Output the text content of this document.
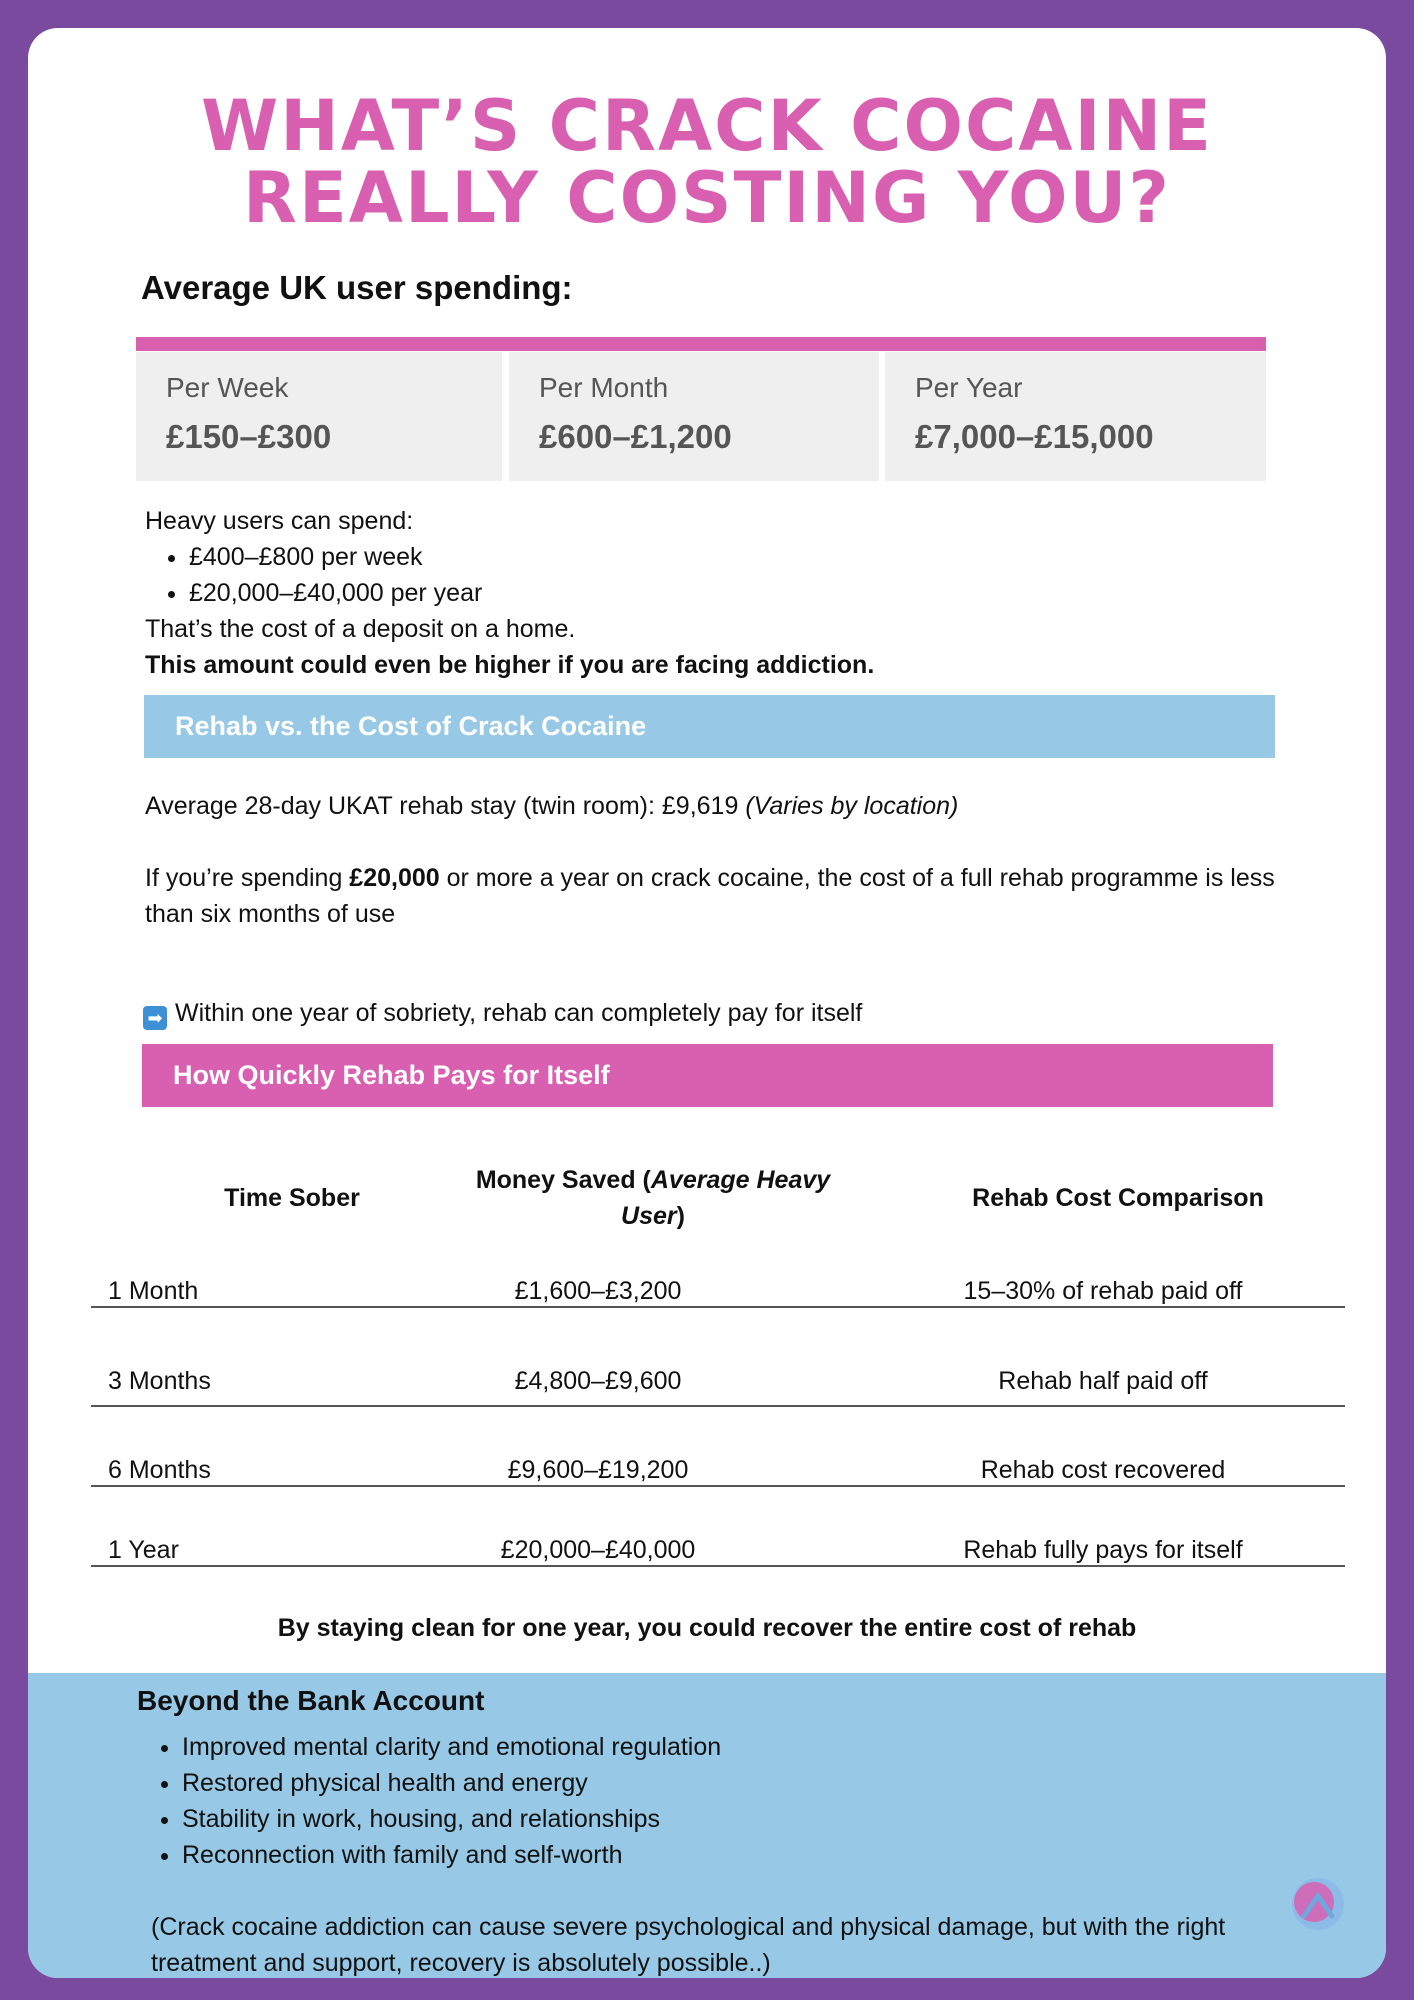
WHAT’S CRACK COCAINE
REALLY COSTING YOU?
Average UK user spending:
Per Week
£150–£300
Per Month
£600–£1,200
Per Year
£7,000–£15,000
Heavy users can spend:
• £400–£800 per week
• £20,000–£40,000 per year
That’s the cost of a deposit on a home.
This amount could even be higher if you are facing addiction.
Rehab vs. the Cost of Crack Cocaine
Average 28-day UKAT rehab stay (twin room): £9,619 (Varies by location)
If you’re spending £20,000 or more a year on crack cocaine, the cost of a full rehab programme is less than six months of use
➡ Within one year of sobriety, rehab can completely pay for itself
How Quickly Rehab Pays for Itself
Time Sober
Money Saved (Average Heavy User)
Rehab Cost Comparison
1 Month	£1,600–£3,200	15–30% of rehab paid off
3 Months	£4,800–£9,600	Rehab half paid off
6 Months	£9,600–£19,200	Rehab cost recovered
1 Year	£20,000–£40,000	Rehab fully pays for itself
By staying clean for one year, you could recover the entire cost of rehab
Beyond the Bank Account
• Improved mental clarity and emotional regulation
• Restored physical health and energy
• Stability in work, housing, and relationships
• Reconnection with family and self-worth
(Crack cocaine addiction can cause severe psychological and physical damage, but with the right treatment and support, recovery is absolutely possible..)
